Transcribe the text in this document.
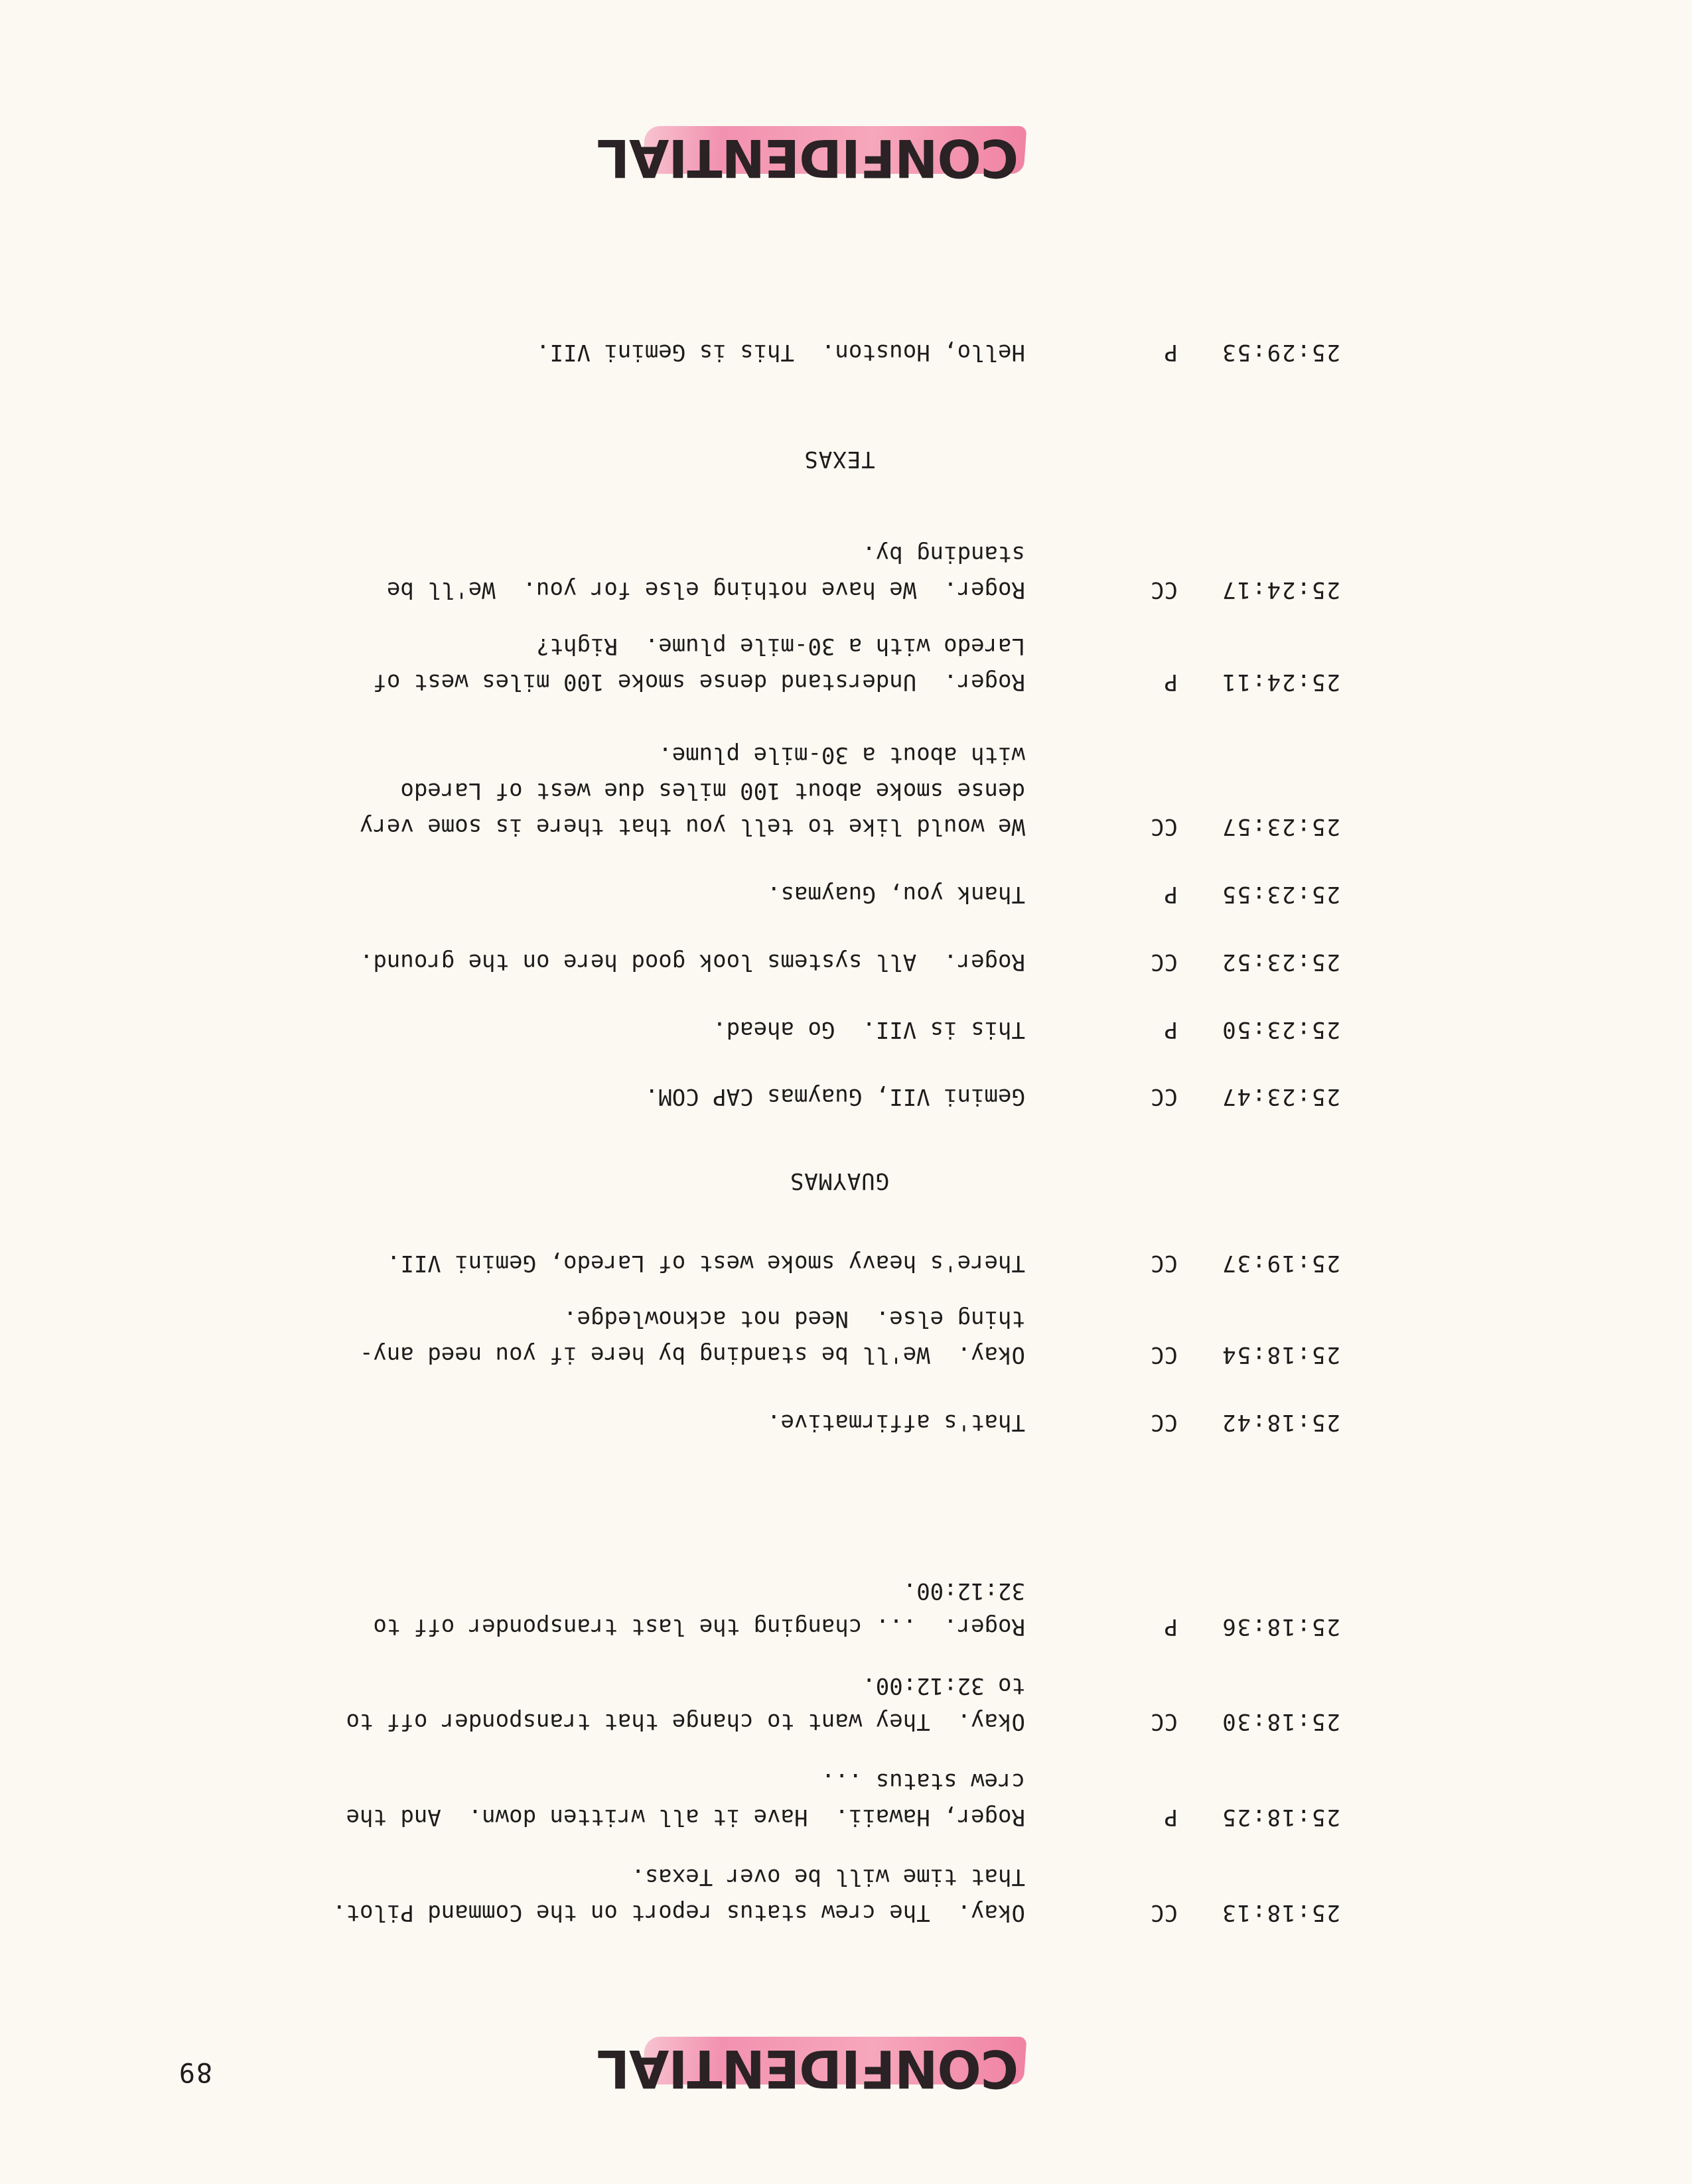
89	CONFIDENTIAL
25:18:13
CC
Okay.  The crew status report on the Command Pilot.
That time will be over Texas.
25:18:25
P
Roger, Hawaii.  Have it all written down.  And the
crew status ...
25:18:30
CC
Okay.  They want to change that transponder off to
to 32:12:00.
25:18:36
P
Roger.  ... changing the last transponder off to
32:12:00.
25:18:42
CC
That's affirmative.
25:18:54
CC
Okay.  We'll be standing by here if you need any-
thing else.  Need not acknowledge.
25:19:37
CC
There's heavy smoke west of Laredo, Gemini VII.
GUAYMAS
25:23:47
CC
Gemini VII, Guaymas CAP COM.
25:23:50
P
This is VII.  Go ahead.
25:23:52
CC
Roger.  All systems look good here on the ground.
25:23:55
P
Thank you, Guaymas.
25:23:57
CC
We would like to tell you that there is some very
dense smoke about 100 miles due west of Laredo
with about a 30-mile plume.
25:24:11
P
Roger.  Understand dense smoke 100 miles west of
Laredo with a 30-mile plume.  Right?
25:24:17
CC
Roger.  We have nothing else for you.  We'll be
standing by.
TEXAS
25:29:53
P
Hello, Houston.  This is Gemini VII.
CONFIDENTIAL
